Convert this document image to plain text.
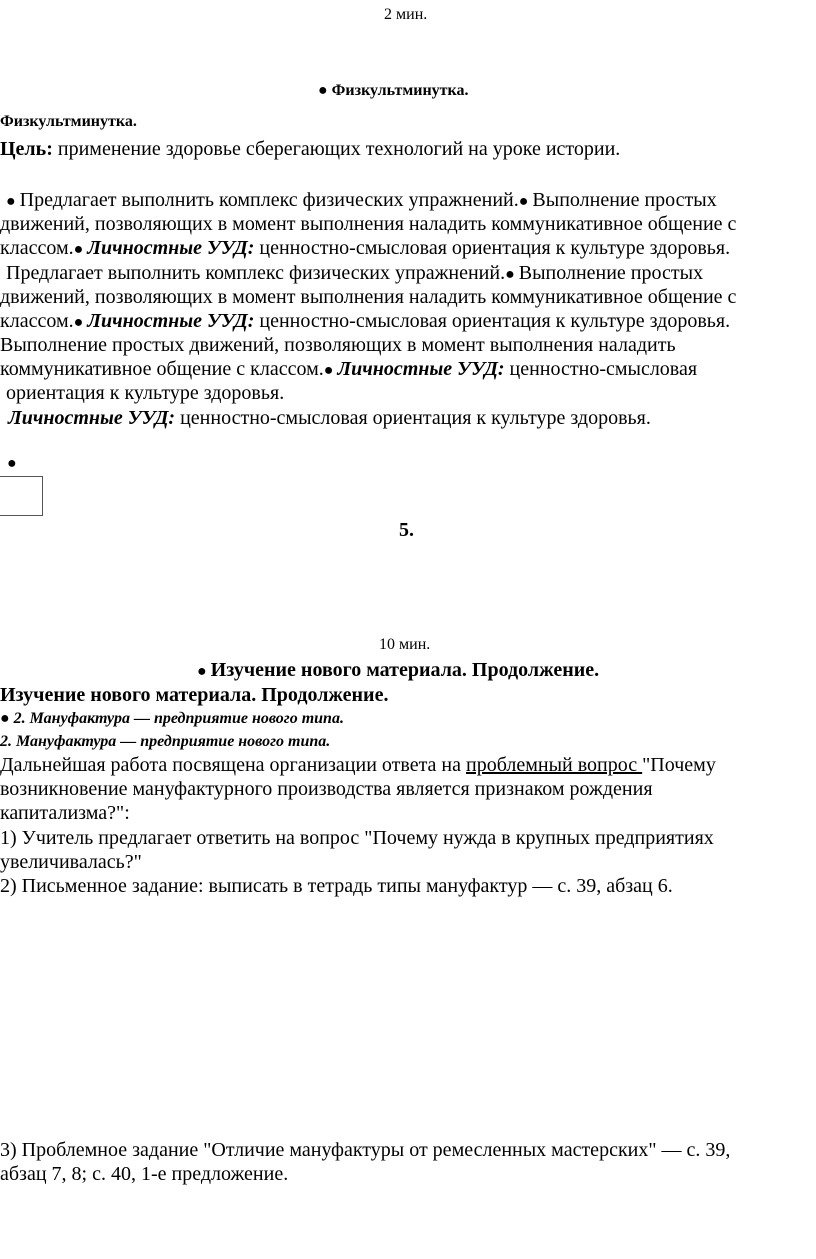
2 мин.
● Физкультминутка.
Физкультминутка.
Цель: применение здоровье сберегающих технологий на уроке истории.
● Предлагает выполнить комплекс физических упражнений.● Выполнение простых
движений, позволяющих в момент выполнения наладить коммуникативное общение с
классом.● Личностные УУД: ценностно-смысловая ориентация к культуре здоровья.
Предлагает выполнить комплекс физических упражнений.● Выполнение простых
движений, позволяющих в момент выполнения наладить коммуникативное общение с
классом.● Личностные УУД: ценностно-смысловая ориентация к культуре здоровья.
Выполнение простых движений, позволяющих в момент выполнения наладить
коммуникативное общение с классом.● Личностные УУД: ценностно-смысловая
ориентация к культуре здоровья.
Личностные УУД: ценностно-смысловая ориентация к культуре здоровья.
●
5.
10 мин.
● Изучение нового материала. Продолжение.
Изучение нового материала. Продолжение.
● 2. Мануфактура — предприятие нового типа.
2. Мануфактура — предприятие нового типа.
Дальнейшая работа посвящена организации ответа на проблемный вопрос "Почему
возникновение мануфактурного производства является признаком рождения
капитализма?":
1) Учитель предлагает ответить на вопрос "Почему нужда в крупных предприятиях
увеличивалась?"
2) Письменное задание: выписать в тетрадь типы мануфактур — с. 39, абзац 6.
3) Проблемное задание "Отличие мануфактуры от ремесленных мастерских" — с. 39,
абзац 7, 8; с. 40, 1-е предложение.
